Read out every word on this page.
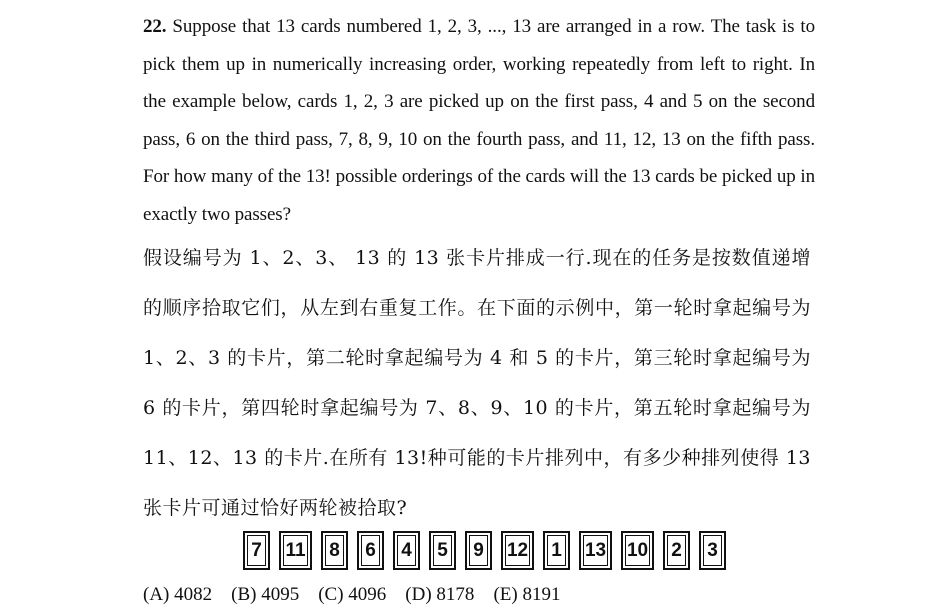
22. Suppose that 13 cards numbered 1, 2, 3, ..., 13 are arranged in a row. The task is to pick them up in numerically increasing order, working repeatedly from left to right. In the example below, cards 1, 2, 3 are picked up on the first pass, 4 and 5 on the second pass, 6 on the third pass, 7, 8, 9, 10 on the fourth pass, and 11, 12, 13 on the fifth pass. For how many of the 13! possible orderings of the cards will the 13 cards be picked up in exactly two passes?
假设编号为 1、2、3、 13 的 13 张卡片排成一行.现在的任务是按数值递增的顺序拾取它们，从左到右重复工作。在下面的示例中，第一轮时拿起编号为 1、2、3 的卡片，第二轮时拿起编号为 4 和 5 的卡片，第三轮时拿起编号为 6 的卡片，第四轮时拿起编号为 7、8、9、10 的卡片，第五轮时拿起编号为 11、12、13 的卡片.在所有 13!种可能的卡片排列中，有多少种排列使得 13 张卡片可通过恰好两轮被拾取?
7 11 8 6 4 5 9 12 1 13 10 2 3
(A) 4082 (B) 4095 (C) 4096 (D) 8178 (E) 8191
